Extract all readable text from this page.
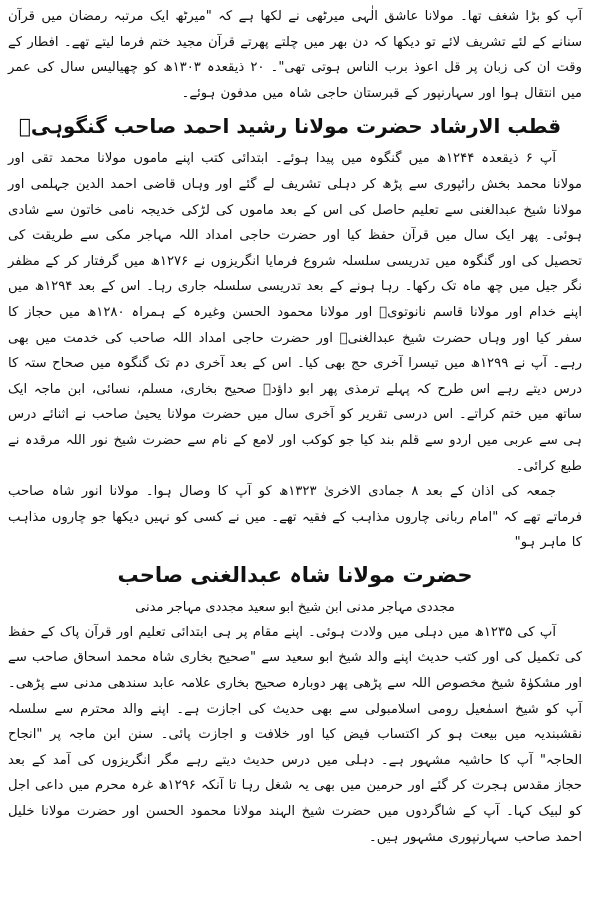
آپ کو بڑا شغف تھا۔ مولانا عاشق الٰہی میرٹھی نے لکھا ہے کہ "میرٹھ ایک مرتبہ رمضان میں قرآن سنانے کے لئے تشریف لائے تو دیکھا کہ دن بھر میں چلتے پھرتے قرآن مجید ختم فرما لیتے تھے۔ افطار کے وقت ان کی زبان پر قل اعوذ برب الناس ہوتی تھی"۔ ۲۰ ذیقعدہ ۱۳۰۳ھ کو چھیالیس سال کی عمر میں انتقال ہوا اور سہارنپور کے قبرستان حاجی شاہ میں مدفون ہوئے۔

قطب الارشاد حضرت مولانا رشید احمد صاحب گنگوہیؒ

آپ ۶ ذیقعدہ ۱۲۴۴ھ میں گنگوہ میں پیدا ہوئے۔ ابتدائی کتب اپنے ماموں مولانا محمد تقی اور مولانا محمد بخش رائپوری سے پڑھ کر دہلی تشریف لے گئے اور وہاں قاضی احمد الدین جہلمی اور مولانا شیخ عبدالغنی سے تعلیم حاصل کی اس کے بعد ماموں کی لڑکی خدیجہ نامی خاتون سے شادی ہوئی۔ پھر ایک سال میں قرآن حفظ کیا اور حضرت حاجی امداد اللہ مہاجر مکی سے طریقت کی تحصیل کی اور گنگوہ میں تدریسی سلسلہ شروع فرمایا انگریزوں نے ۱۲۷۶ھ میں گرفتار کر کے مظفر نگر جیل میں چھ ماہ تک رکھا۔ رہا ہونے کے بعد تدریسی سلسلہ جاری رہا۔ اس کے بعد ۱۲۹۴ھ میں اپنے خدام اور مولانا قاسم نانوتویؒ اور مولانا محمود الحسن وغیرہ کے ہمراہ ۱۲۸۰ھ میں حجاز کا سفر کیا اور وہاں حضرت شیخ عبدالغنیؒ اور حضرت حاجی امداد اللہ صاحب کی خدمت میں بھی رہے۔ آپ نے ۱۲۹۹ھ میں تیسرا آخری حج بھی کیا۔ اس کے بعد آخری دم تک گنگوہ میں صحاح ستہ کا درس دیتے رہے اس طرح کہ پہلے ترمذی پھر ابو داؤدؒ صحیح بخاری، مسلم، نسائی، ابن ماجہ ایک ساتھ میں ختم کراتے۔ اس درسی تقریر کو آخری سال میں حضرت مولانا یحییٰ صاحب نے اثنائے درس ہی سے عربی میں اردو سے قلم بند کیا جو کوکب اور لامع کے نام سے حضرت شیخ نور اللہ مرقدہ نے طبع کرائی۔

جمعہ کی اذان کے بعد ۸ جمادی الاخریٰ ۱۳۲۳ھ کو آپ کا وصال ہوا۔ مولانا انور شاہ صاحب فرماتے تھے کہ "امام ربانی چاروں مذاہب کے فقیہ تھے۔ میں نے کسی کو نہیں دیکھا جو چاروں مذاہب کا ماہر ہو"

حضرت مولانا شاہ عبدالغنی صاحب
مجددی مہاجر مدنی ابن شیخ ابو سعید مجددی مہاجر مدنی

آپ کی ۱۲۳۵ھ میں دہلی میں ولادت ہوئی۔ اپنے مقام پر ہی ابتدائی تعلیم اور قرآن پاک کے حفظ کی تکمیل کی اور کتب حدیث اپنے والد شیخ ابو سعید سے "صحیح بخاری شاہ محمد اسحاق صاحب سے اور مشکوٰۃ شیخ مخصوص اللہ سے پڑھی پھر دوبارہ صحیح بخاری علامہ عابد سندھی مدنی سے پڑھی۔ آپ کو شیخ اسمٰعیل رومی اسلامبولی سے بھی حدیث کی اجازت ہے۔ اپنے والد محترم سے سلسلہ نقشبندیہ میں بیعت ہو کر اکتساب فیض کیا اور خلافت و اجازت پائی۔ سنن ابن ماجہ پر "انجاح الحاجہ" آپ کا حاشیہ مشہور ہے۔ دہلی میں درس حدیث دیتے رہے مگر انگریزوں کی آمد کے بعد حجاز مقدس ہجرت کر گئے اور حرمین میں بھی یہ شغل رہا تا آنکہ ۱۲۹۶ھ غرہ محرم میں داعی اجل کو لبیک کہا۔ آپ کے شاگردوں میں حضرت شیخ الہند مولانا محمود الحسن اور حضرت مولانا خلیل احمد صاحب سہارنپوری مشہور ہیں۔
